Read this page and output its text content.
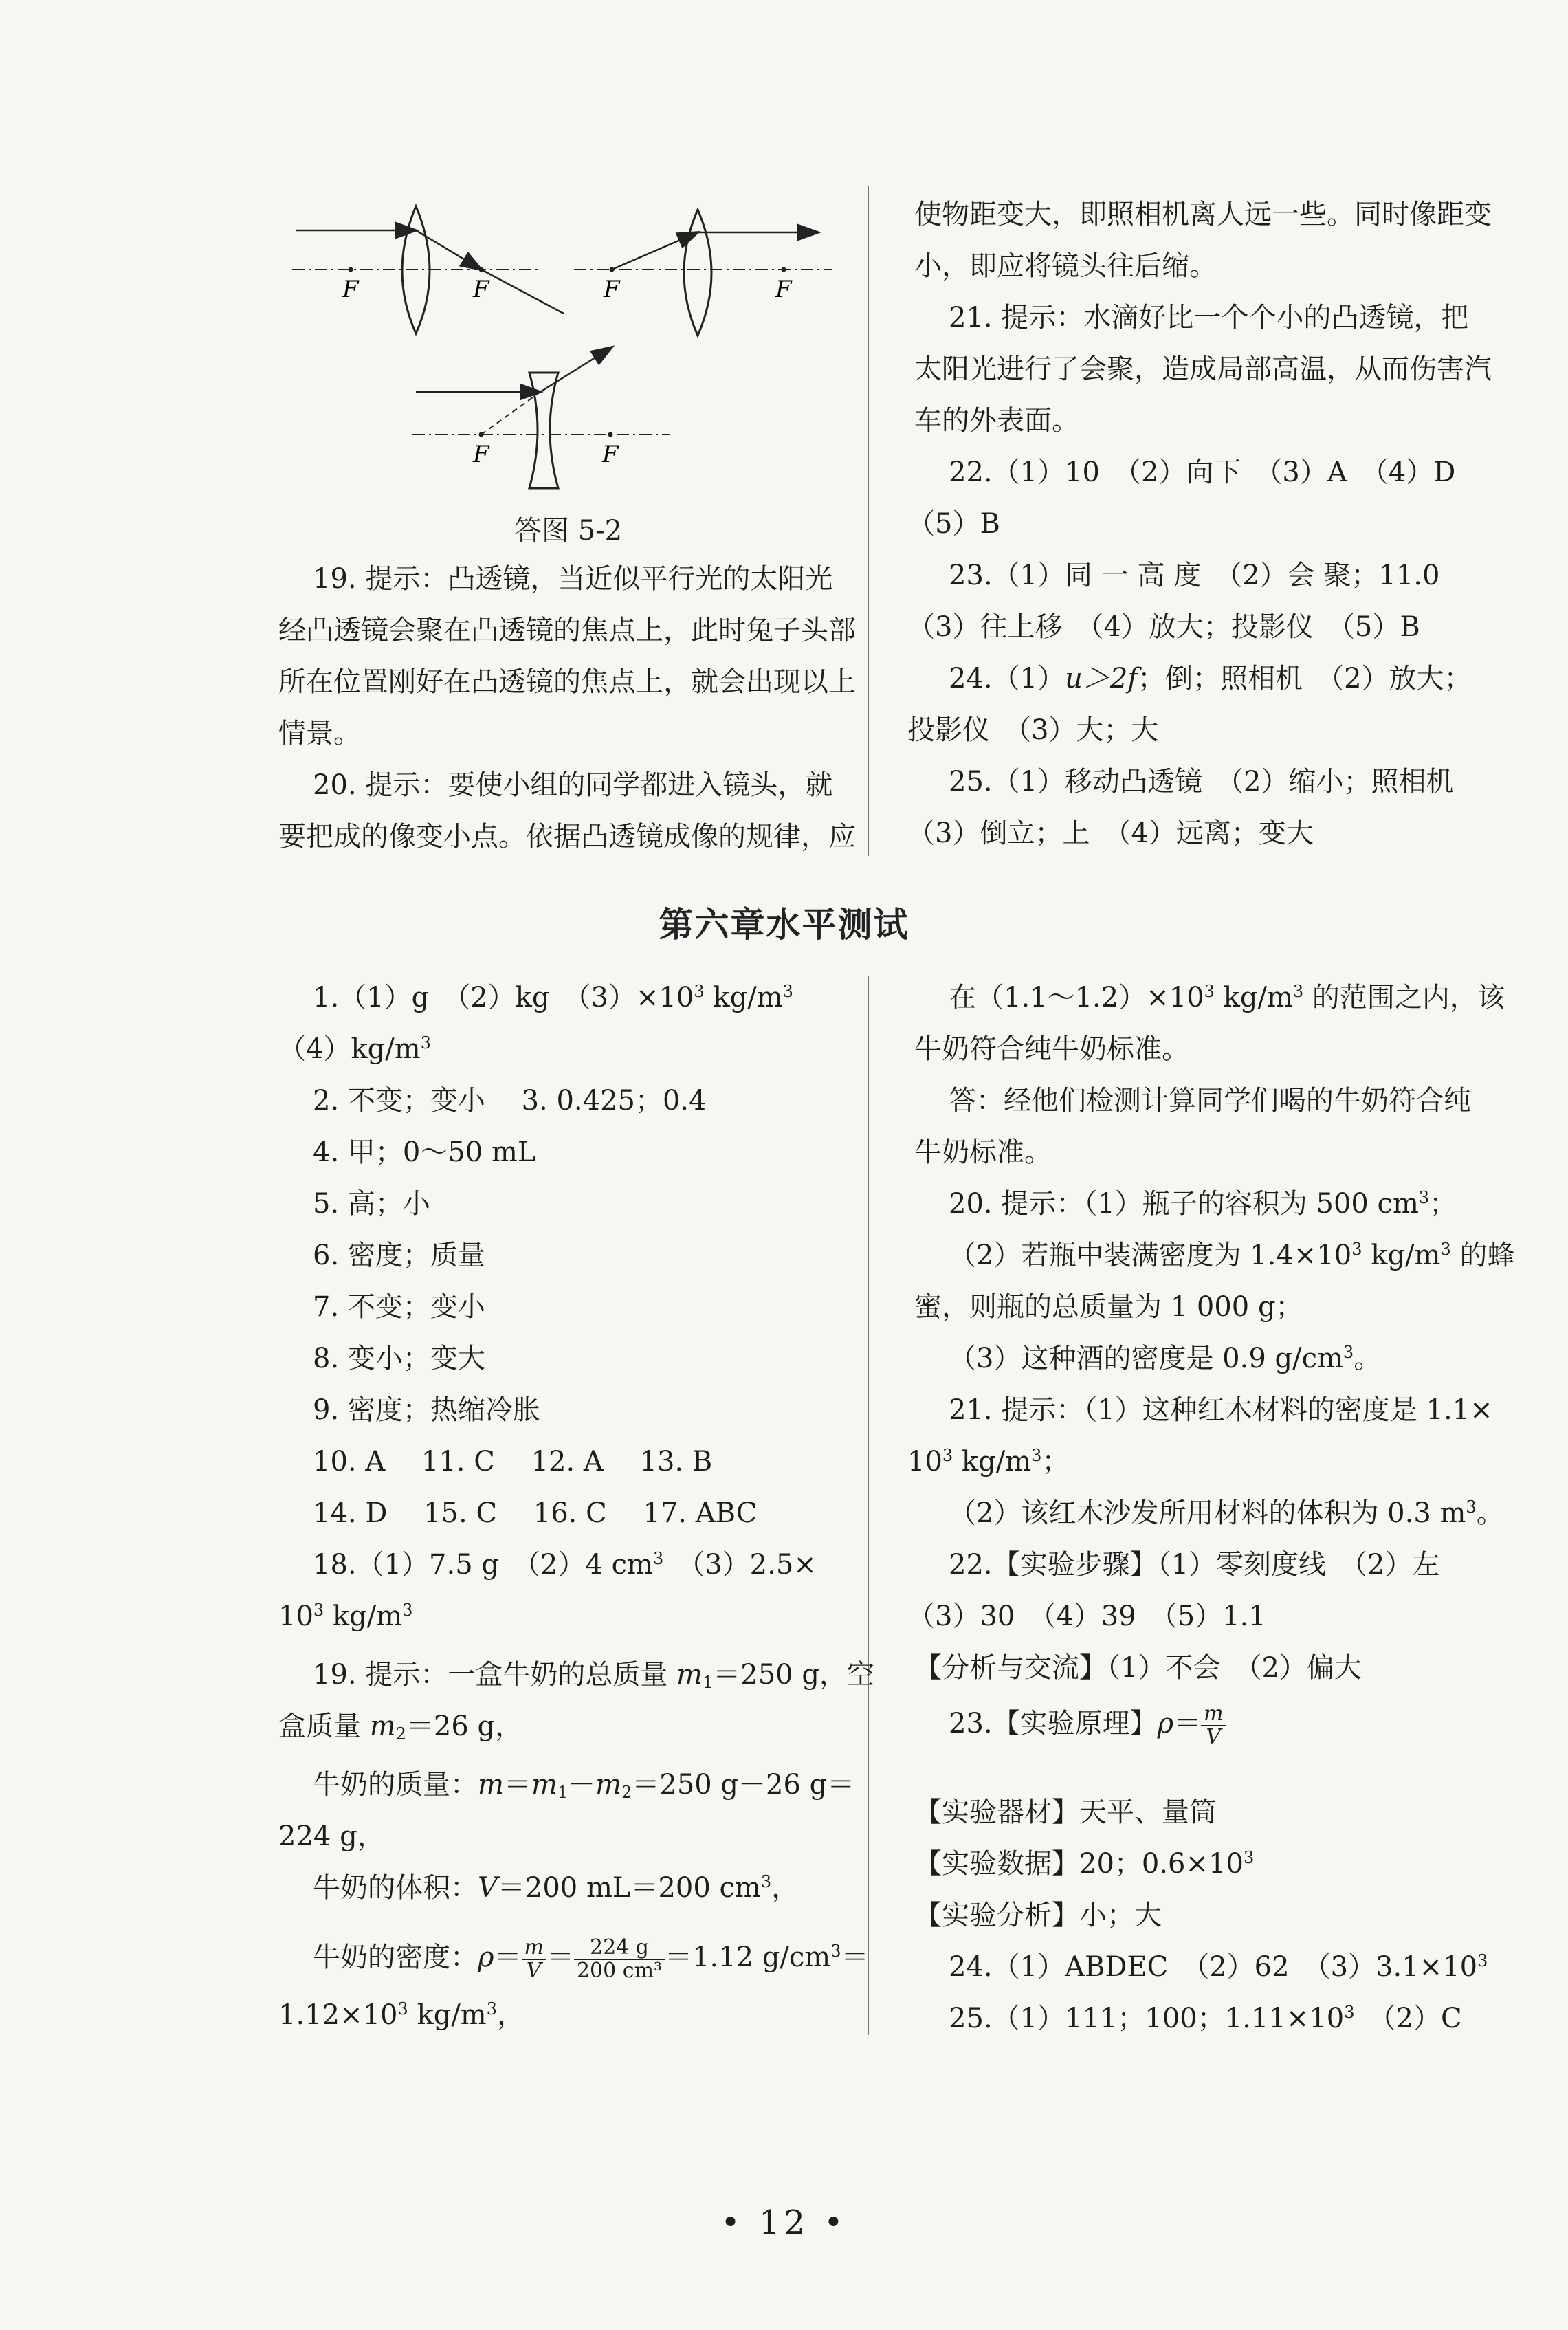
F	F	F	F
F	F
答图 5-2
19. 提示：凸透镜，当近似平行光的太阳光
经凸透镜会聚在凸透镜的焦点上，此时兔子头部
所在位置刚好在凸透镜的焦点上，就会出现以上
情景。
20. 提示：要使小组的同学都进入镜头，就
要把成的像变小点。依据凸透镜成像的规律，应
使物距变大，即照相机离人远一些。同时像距变
小，即应将镜头往后缩。
21. 提示：水滴好比一个个小的凸透镜，把
太阳光进行了会聚，造成局部高温，从而伤害汽
车的外表面。
22.（1）10　（2）向下　（3）A　（4）D
（5）B
23.（1）同 一 高 度　（2）会 聚；11.0
（3）往上移　（4）放大；投影仪　（5）B
24.（1）u＞2f；倒；照相机　（2）放大；
投影仪　（3）大；大
25.（1）移动凸透镜　（2）缩小；照相机
（3）倒立；上　（4）远离；变大
第六章水平测试
1.（1）g　（2）kg　$(3)\times 10^3$ $kg/m^3$
$(4)kg/m^3$
2. 不变；变小　 3. 0.425；0.4
4. 甲；0～50 mL
5. 高；小
6. 密度；质量
7. 不变；变小
8. 变小；变大
9. 密度；热缩冷胀
10. A　 11. C　 12. A　 13. B
14. D　 15. C　 16. C　 17. ABC
18.（1）7.5 g　（2）4 $cm^3$　（3）2.5×
$10^3$ $kg/m^3$
19. 提示：一盒牛奶的总质量 $m_1=250$ g，空
盒质量 $m_2=26$ g，
牛奶的质量：$m=m_1-m_2=250$ g－26 g＝
224 g，
牛奶的体积：V＝200 mL＝200 $cm^3$，
牛奶的密度：$\rho= \frac{m}{V} = \frac{224 g}{\text{200 cm³}} =1.12$ $g/cm^3=$
$1.12\times 10^3$ $kg/m^3$，
在$(1.1\sim 1.2)\times 10^3$ $kg/m^3$ 的范围之内，该
牛奶符合纯牛奶标准。
答：经他们检测计算同学们喝的牛奶符合纯
牛奶标准。
20. 提示：（1）瓶子的容积为 500 $cm^3$；
（2）若瓶中装满密度为 $1.4\times 10^3$ $kg/m^3$ 的蜂
蜜，则瓶的总质量为 1 000 g；
（3）这种酒的密度是 0.9 $g/cm^3$。
21. 提示：（1）这种红木材料的密度是 1.1×
$10^3$ $kg/m^3$；
（2）该红木沙发所用材料的体积为 0.3 $m^3$。
22.【实验步骤】（1）零刻度线　（2）左
（3）30　（4）39　（5）1.1
【分析与交流】（1）不会　（2）偏大
23.【实验原理】$\rho= \frac{m}{V}$
【实验器材】天平、量筒
【实验数据】20；$0.6\times 10^3$
【实验分析】小；大
24.（1）ABDEC　（2）62　$(3)3.1\times 10^3$
25.（1）111；100；$1.11\times 10^3$　（2）C
​
• 12 •
